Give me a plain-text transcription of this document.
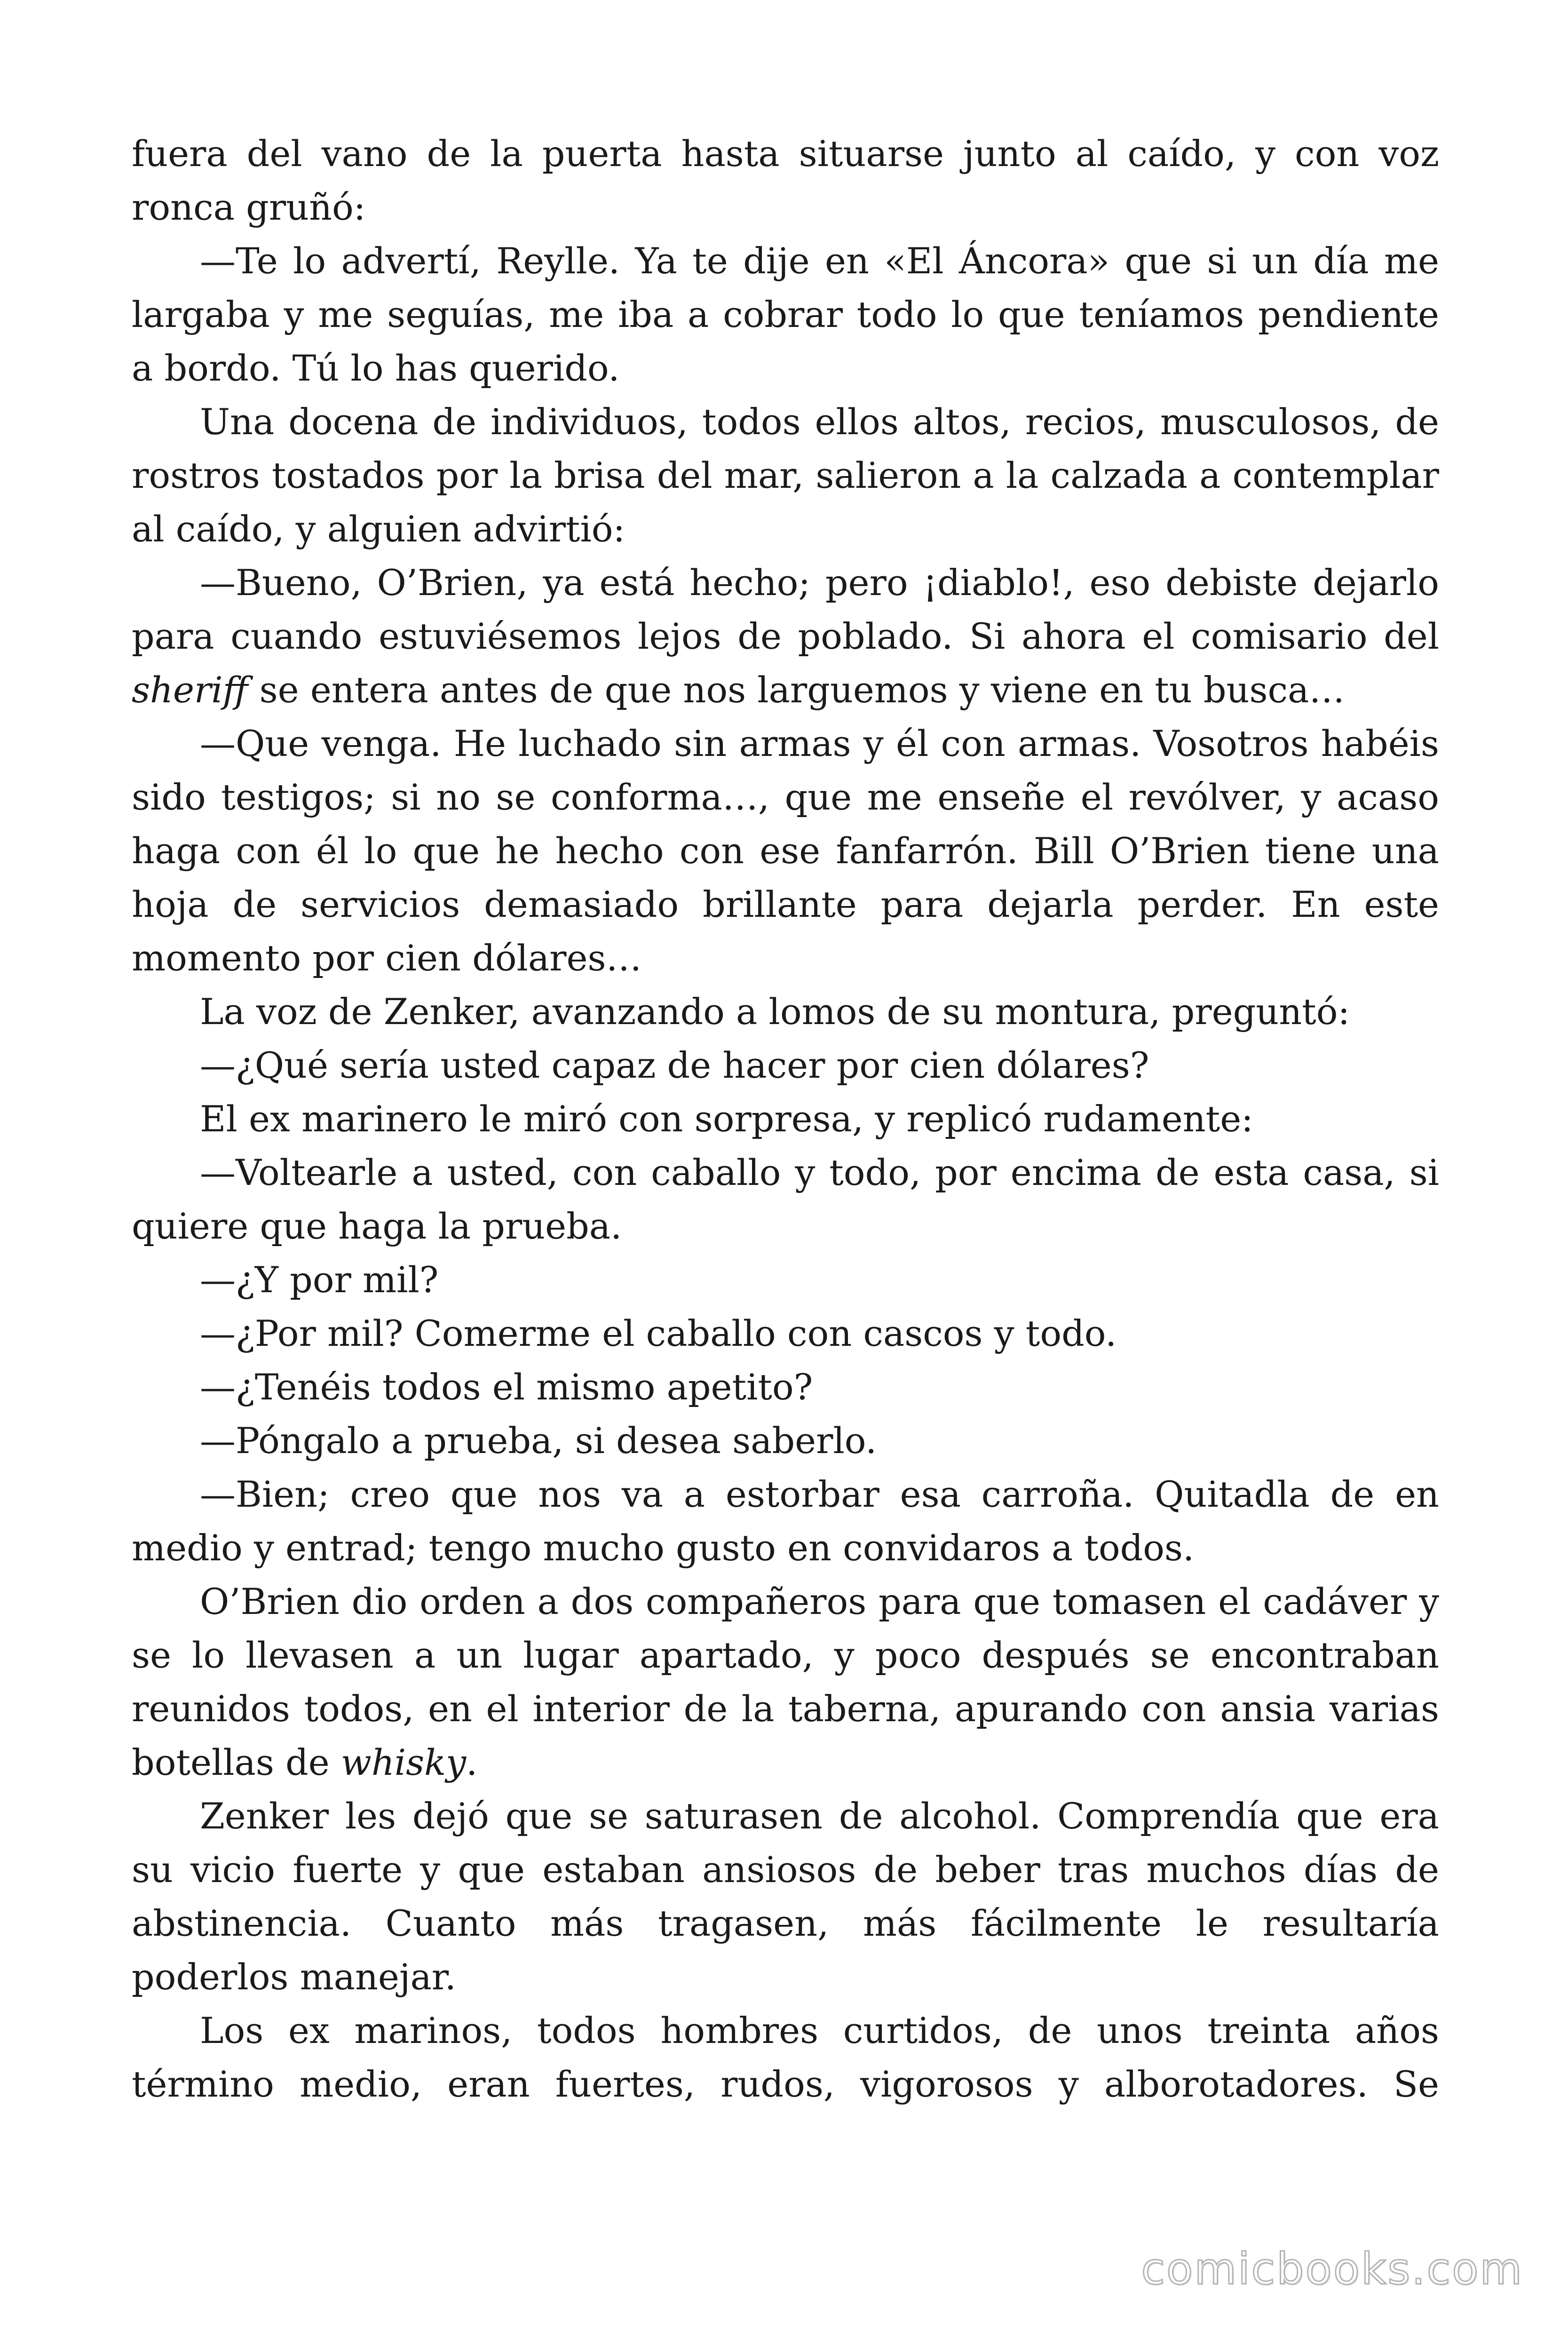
fuera del vano de la puerta hasta situarse junto al caído, y con voz ronca gruñó:

—Te lo advertí, Reylle. Ya te dije en «El Áncora» que si un día me largaba y me seguías, me iba a cobrar todo lo que teníamos pendiente a bordo. Tú lo has querido.

Una docena de individuos, todos ellos altos, recios, musculosos, de rostros tostados por la brisa del mar, salieron a la calzada a contemplar al caído, y alguien advirtió:

—Bueno, O’Brien, ya está hecho; pero ¡diablo!, eso debiste dejarlo para cuando estuviésemos lejos de poblado. Si ahora el comisario del sheriff se entera antes de que nos larguemos y viene en tu busca…

—Que venga. He luchado sin armas y él con armas. Vosotros habéis sido testigos; si no se conforma…, que me enseñe el revólver, y acaso haga con él lo que he hecho con ese fanfarrón. Bill O’Brien tiene una hoja de servicios demasiado brillante para dejarla perder. En este momento por cien dólares…

La voz de Zenker, avanzando a lomos de su montura, preguntó:

—¿Qué sería usted capaz de hacer por cien dólares?

El ex marinero le miró con sorpresa, y replicó rudamente:

—Voltearle a usted, con caballo y todo, por encima de esta casa, si quiere que haga la prueba.

—¿Y por mil?

—¿Por mil? Comerme el caballo con cascos y todo.

—¿Tenéis todos el mismo apetito?

—Póngalo a prueba, si desea saberlo.

—Bien; creo que nos va a estorbar esa carroña. Quitadla de en medio y entrad; tengo mucho gusto en convidaros a todos.

O’Brien dio orden a dos compañeros para que tomasen el cadáver y se lo llevasen a un lugar apartado, y poco después se encontraban reunidos todos, en el interior de la taberna, apurando con ansia varias botellas de whisky.

Zenker les dejó que se saturasen de alcohol. Comprendía que era su vicio fuerte y que estaban ansiosos de beber tras muchos días de abstinencia. Cuanto más tragasen, más fácilmente le resultaría poderlos manejar.

Los ex marinos, todos hombres curtidos, de unos treinta años término medio, eran fuertes, rudos, vigorosos y alborotadores. Se

comicbooks.com
